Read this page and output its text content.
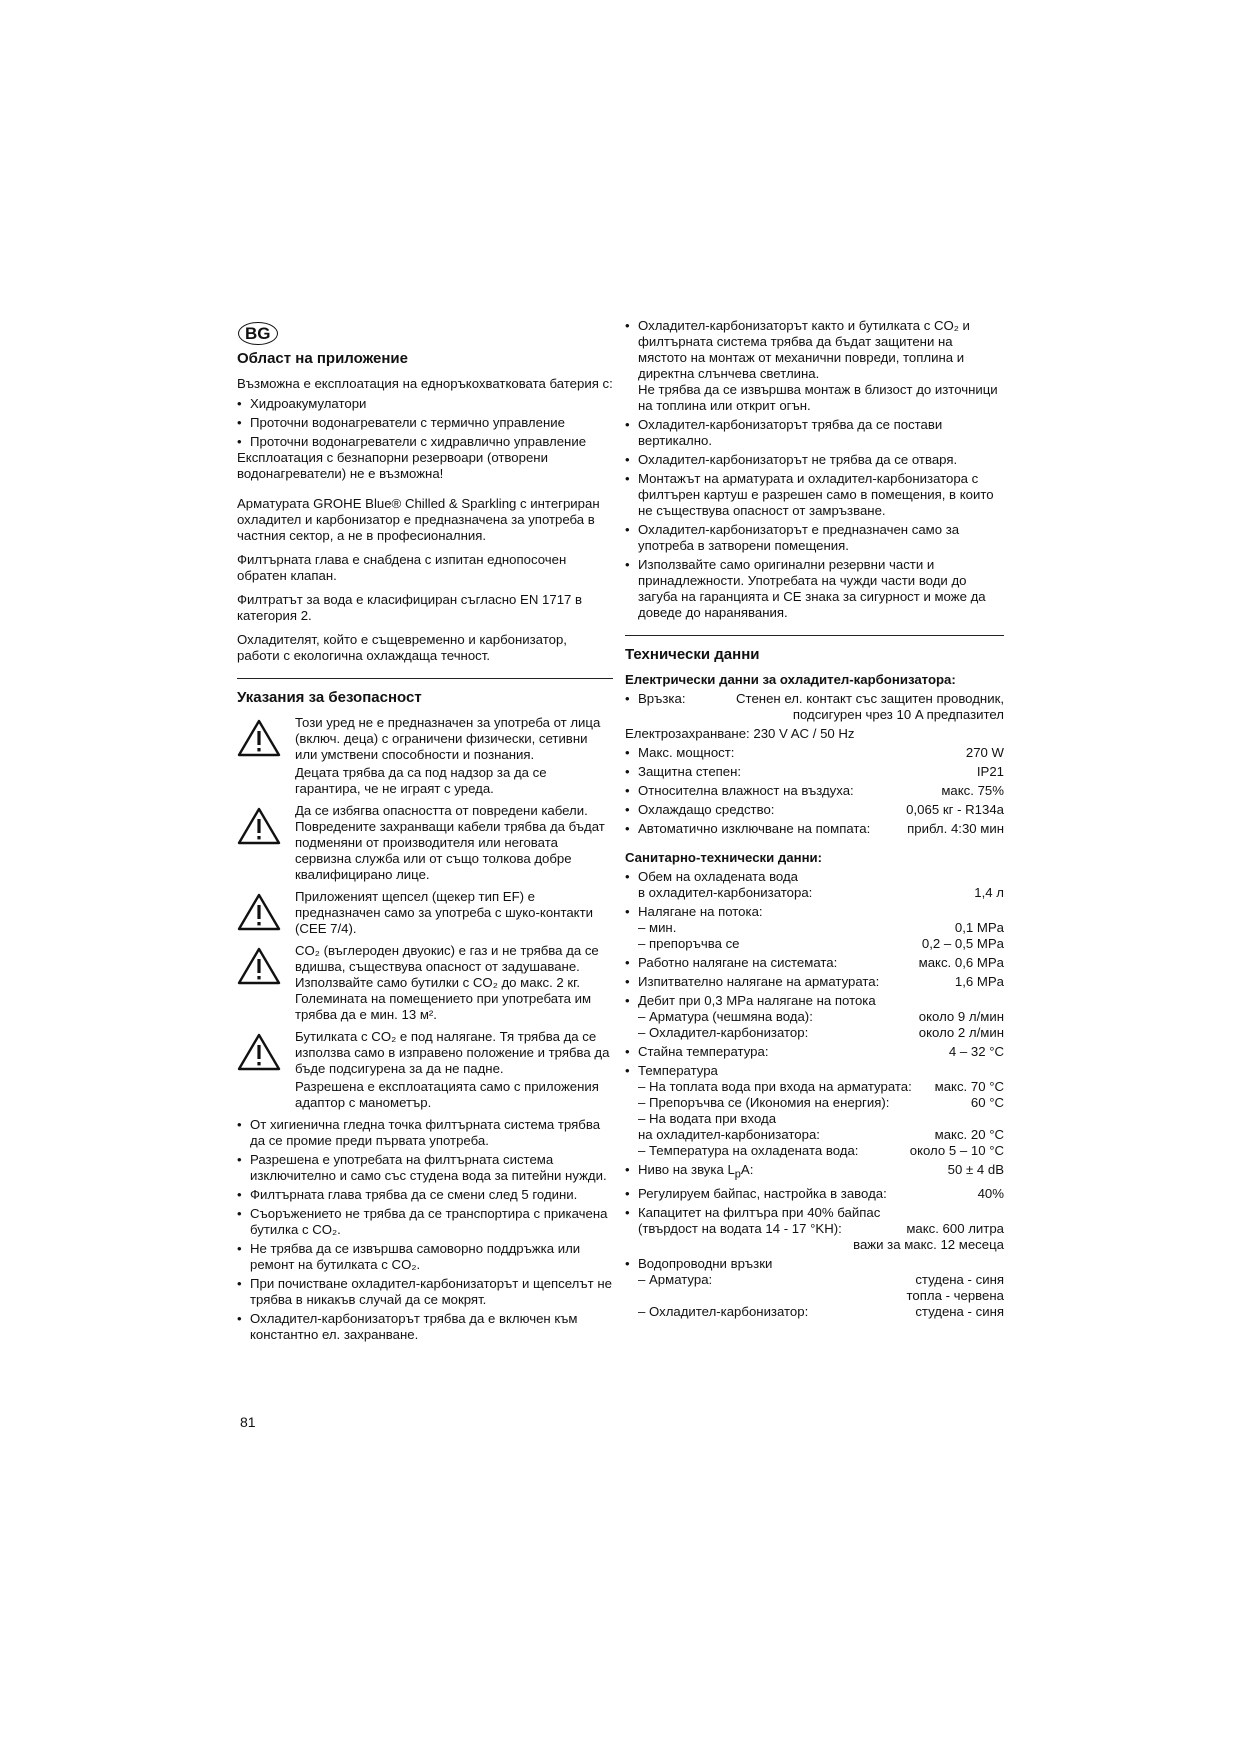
BG
Област на приложение

Възможна е експлоатация на едноръкохватковата батерия с:

• Хидроакумулатори
• Проточни водонагреватели с термично управление
• Проточни водонагреватели с хидравлично управление

Експлоатация с безнапорни резервоари (отворени водонагреватели) не е възможна!

Арматурата GROHE Blue® Chilled & Sparkling с интегриран охладител и карбонизатор е предназначена за употреба в частния сектор, а не в професионалния.

Филтърната глава е снабдена с изпитан еднопосочен обратен клапан.

Филтратът за вода е класифициран съгласно EN 1717 в категория 2.

Охладителят, който е същевременно и карбонизатор, работи с екологична охлаждаща течност.

Указания за безопасност

Този уред не е предназначен за употреба от лица (включ. деца) с ограничени физически, сетивни или умствени способности и познания.

Децата трябва да са под надзор за да се гарантира, че не играят с уреда.

Да се избягва опасността от повредени кабели. Повредените захранващи кабели трябва да бъдат подменяни от производителя или неговата сервизна служба или от също толкова добре квалифицирано лице.

Приложеният щепсел (щекер тип EF) е предназначен само за употреба с шуко-контакти (CEE 7/4).

CO₂ (въглероден двуокис) е газ и не трябва да се вдишва, съществува опасност от задушаване. Използвайте само бутилки с CO₂ до макс. 2 кг. Големината на помещението при употребата им трябва да е мин. 13 м².

Бутилката с CO₂ е под налягане. Тя трябва да се използва само в изправено положение и трябва да бъде подсигурена за да не падне.

Разрешена е експлоатацията само с приложения адаптор с манометър.

• От хигиенична гледна точка филтърната система трябва да се промие преди първата употреба.
• Разрешена е употребата на филтърната система изключително и само със студена вода за питейни нужди.
• Филтърната глава трябва да се смени след 5 години.
• Съоръжението не трябва да се транспортира с прикачена бутилка с CO₂.
• Не трябва да се извършва самоворно поддръжка или ремонт на бутилката с CO₂.
• При почистване охладител-карбонизаторът и щепселът не трябва в никакъв случай да се мокрят.
• Охладител-карбонизаторът трябва да е включен към константно ел. захранване.
• Охладител-карбонизаторът както и бутилката с CO₂ и филтърната система трябва да бъдат защитени на мястото на монтаж от механични повреди, топлина и директна слънчева светлина.
Не трябва да се извършва монтаж в близост до източници на топлина или открит огън.
• Охладител-карбонизаторът трябва да се постави вертикално.
• Охладител-карбонизаторът не трябва да се отваря.
• Монтажът на арматурата и охладител-карбонизатора с филтърен картуш е разрешен само в помещения, в които не съществува опасност от замръзване.
• Охладител-карбонизаторът е предназначен само за употреба в затворени помещения.
• Използвайте само оригинални резервни части и принадлежности. Употребата на чужди части води до загуба на гаранцията и CE знака за сигурност и може да доведе до наранявания.
Технически данни
Електрически данни за охладител-карбонизатора:
• Връзка:	Стенен ел. контакт със защитен проводник, подсигурен чрез 10 A предпазител
Електрозахранване: 230 V AC / 50 Hz
• Макс. мощност:	270 W
• Защитна степен:	IP21
• Относителна влажност на въздуха:	макс. 75%
• Охлаждащо средство:	0,065 кг - R134a
• Автоматично изключване на помпата:	прибл. 4:30 мин
Санитарно-технически данни:
• Обем на охладената вода
в охладител-карбонизатора:	1,4 л
• Налягане на потока:
– мин.	0,1 MPa
– препоръчва се	0,2 – 0,5 MPa
• Работно налягане на системата:	макс. 0,6 MPa
• Изпитвателно налягане на арматурата:	1,6 MPa
• Дебит при 0,3 MPa налягане на потока
– Арматура (чешмяна вода):	около 9 л/мин
– Охладител-карбонизатор:	около 2 л/мин
• Стайна температура:	4 – 32 °C
• Температура
– На топлата вода при входа на арматурата: макс. 70 °C
– Препоръчва се (Икономия на енергия):	60 °C
– На водата при входа
на охладител-карбонизатора:	макс. 20 °C
– Температура на охладената вода:	около 5 – 10 °C
• Ниво на звука $L_pA$:	50 ± 4 dB
• Регулируем байпас, настройка в завода:	40%
• Капацитет на филтъра при 40% байпас
(твърдост на водата 14 - 17 °KH):	макс. 600 литра
важи за макс. 12 месеца
• Водопроводни връзки
– Арматура:	студена - синя
топла - червена
– Охладител-карбонизатор:	студена - синя
81
